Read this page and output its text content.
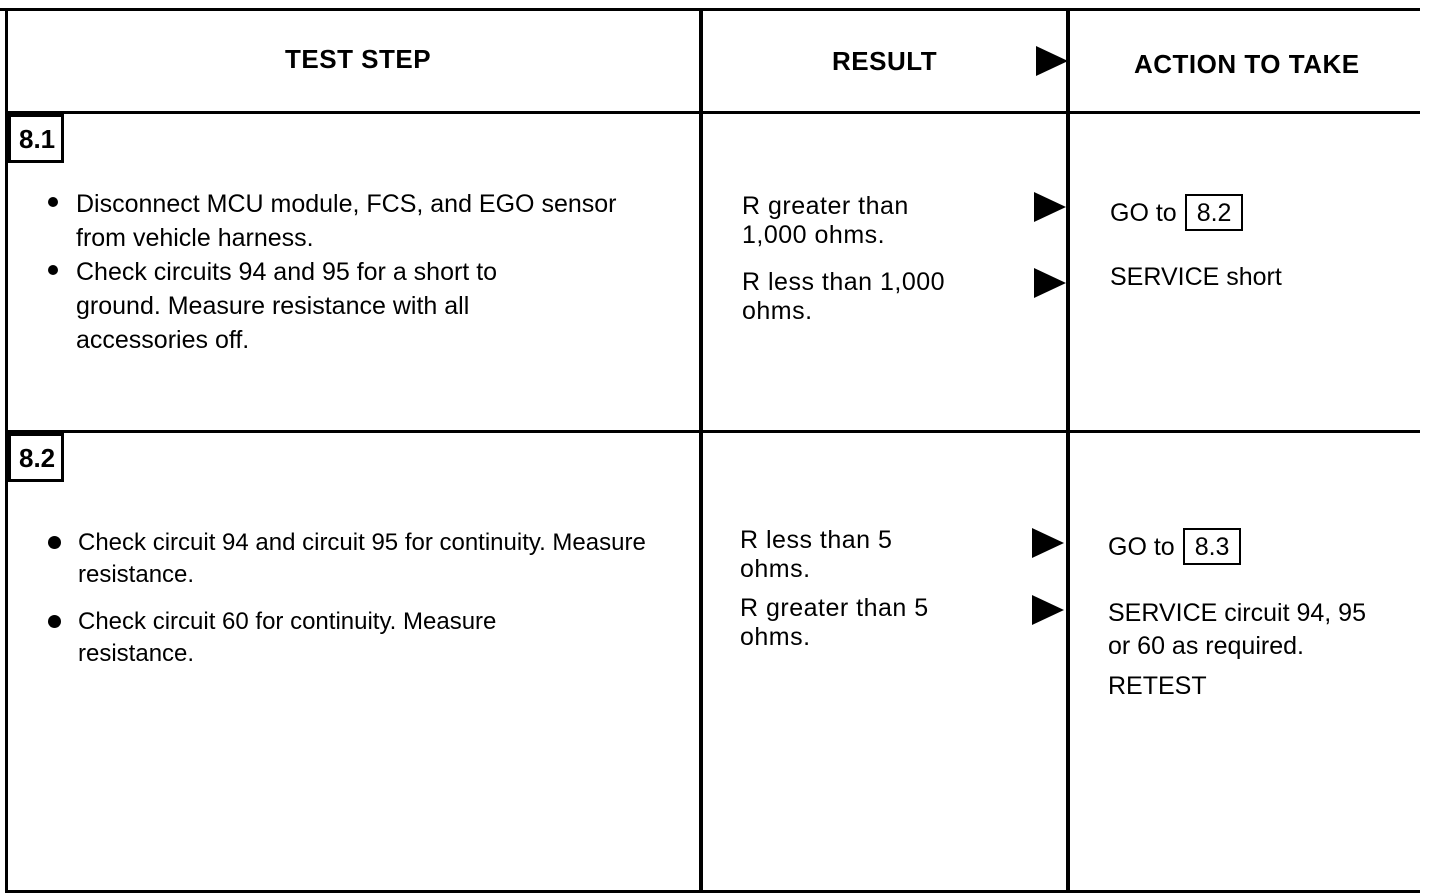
TEST STEP	RESULT	ACTION TO TAKE
8.1
Disconnect MCU module, FCS, and EGO sensor from vehicle harness.
Check circuits 94 and 95 for a short to ground. Measure resistance with all accessories off.
R greater than 1,000 ohms.
R less than 1,000 ohms.
GO to 8.2
SERVICE short
8.2
Check circuit 94 and circuit 95 for continuity. Measure resistance.
Check circuit 60 for continuity. Measure resistance.
R less than 5 ohms.
R greater than 5 ohms.
GO to 8.3
SERVICE circuit 94, 95 or 60 as required.
RETEST
